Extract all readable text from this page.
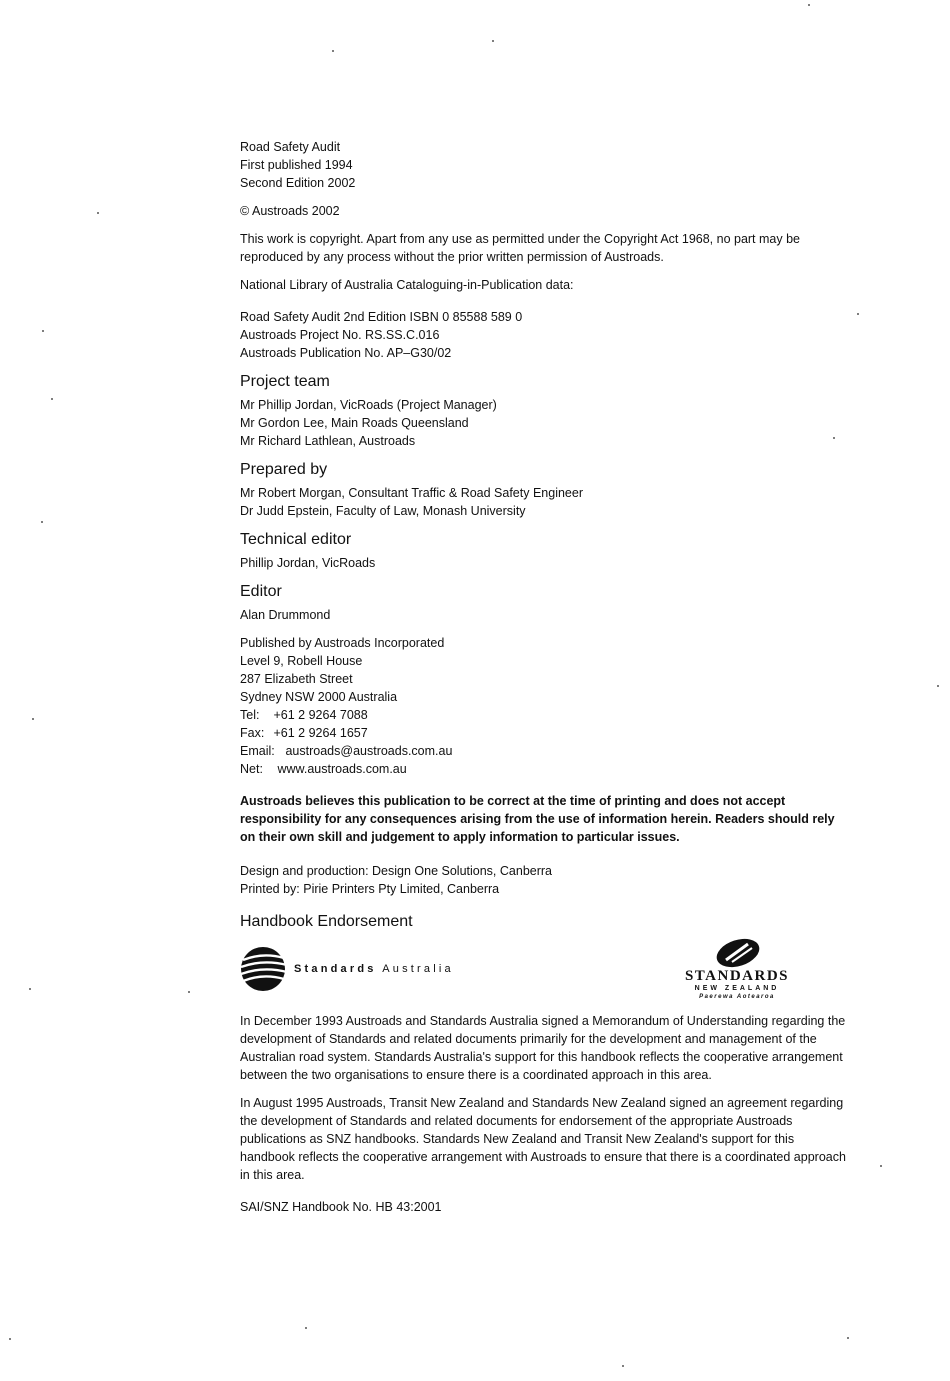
Road Safety Audit

First published 1994

Second Edition 2002

© Austroads 2002

This work is copyright. Apart from any use as permitted under the Copyright Act 1968, no part may be reproduced by any process without the prior written permission of Austroads.

National Library of Australia Cataloguing-in-Publication data:

Road Safety Audit 2nd Edition ISBN 0 85588 589 0

Austroads Project No. RS.SS.C.016

Austroads Publication No. AP–G30/02

Project team

Mr Phillip Jordan, VicRoads (Project Manager)

Mr Gordon Lee, Main Roads Queensland

Mr Richard Lathlean, Austroads

Prepared by

Mr Robert Morgan, Consultant Traffic & Road Safety Engineer

Dr Judd Epstein, Faculty of Law, Monash University

Technical editor

Phillip Jordan, VicRoads

Editor

Alan Drummond

Published by Austroads Incorporated

Level 9, Robell House

287 Elizabeth Street

Sydney NSW 2000 Australia

Tel: +61 2 9264 7088

Fax: +61 2 9264 1657

Email: austroads@austroads.com.au

Net: www.austroads.com.au

Austroads believes this publication to be correct at the time of printing and does not accept responsibility for any consequences arising from the use of information herein. Readers should rely on their own skill and judgement to apply information to particular issues.

Design and production: Design One Solutions, Canberra

Printed by: Pirie Printers Pty Limited, Canberra

Handbook Endorsement
Standards Australia	STANDARDS
NEW ZEALAND
Paerewa Aotearoa

In December 1993 Austroads and Standards Australia signed a Memorandum of Understanding regarding the development of Standards and related documents primarily for the development and management of the Australian road system. Standards Australia's support for this handbook reflects the cooperative arrangement between the two organisations to ensure there is a coordinated approach in this area.

In August 1995 Austroads, Transit New Zealand and Standards New Zealand signed an agreement regarding the development of Standards and related documents for endorsement of the appropriate Austroads publications as SNZ handbooks. Standards New Zealand and Transit New Zealand's support for this handbook reflects the cooperative arrangement with Austroads to ensure that there is a coordinated approach in this area.

SAI/SNZ Handbook No. HB 43:2001
